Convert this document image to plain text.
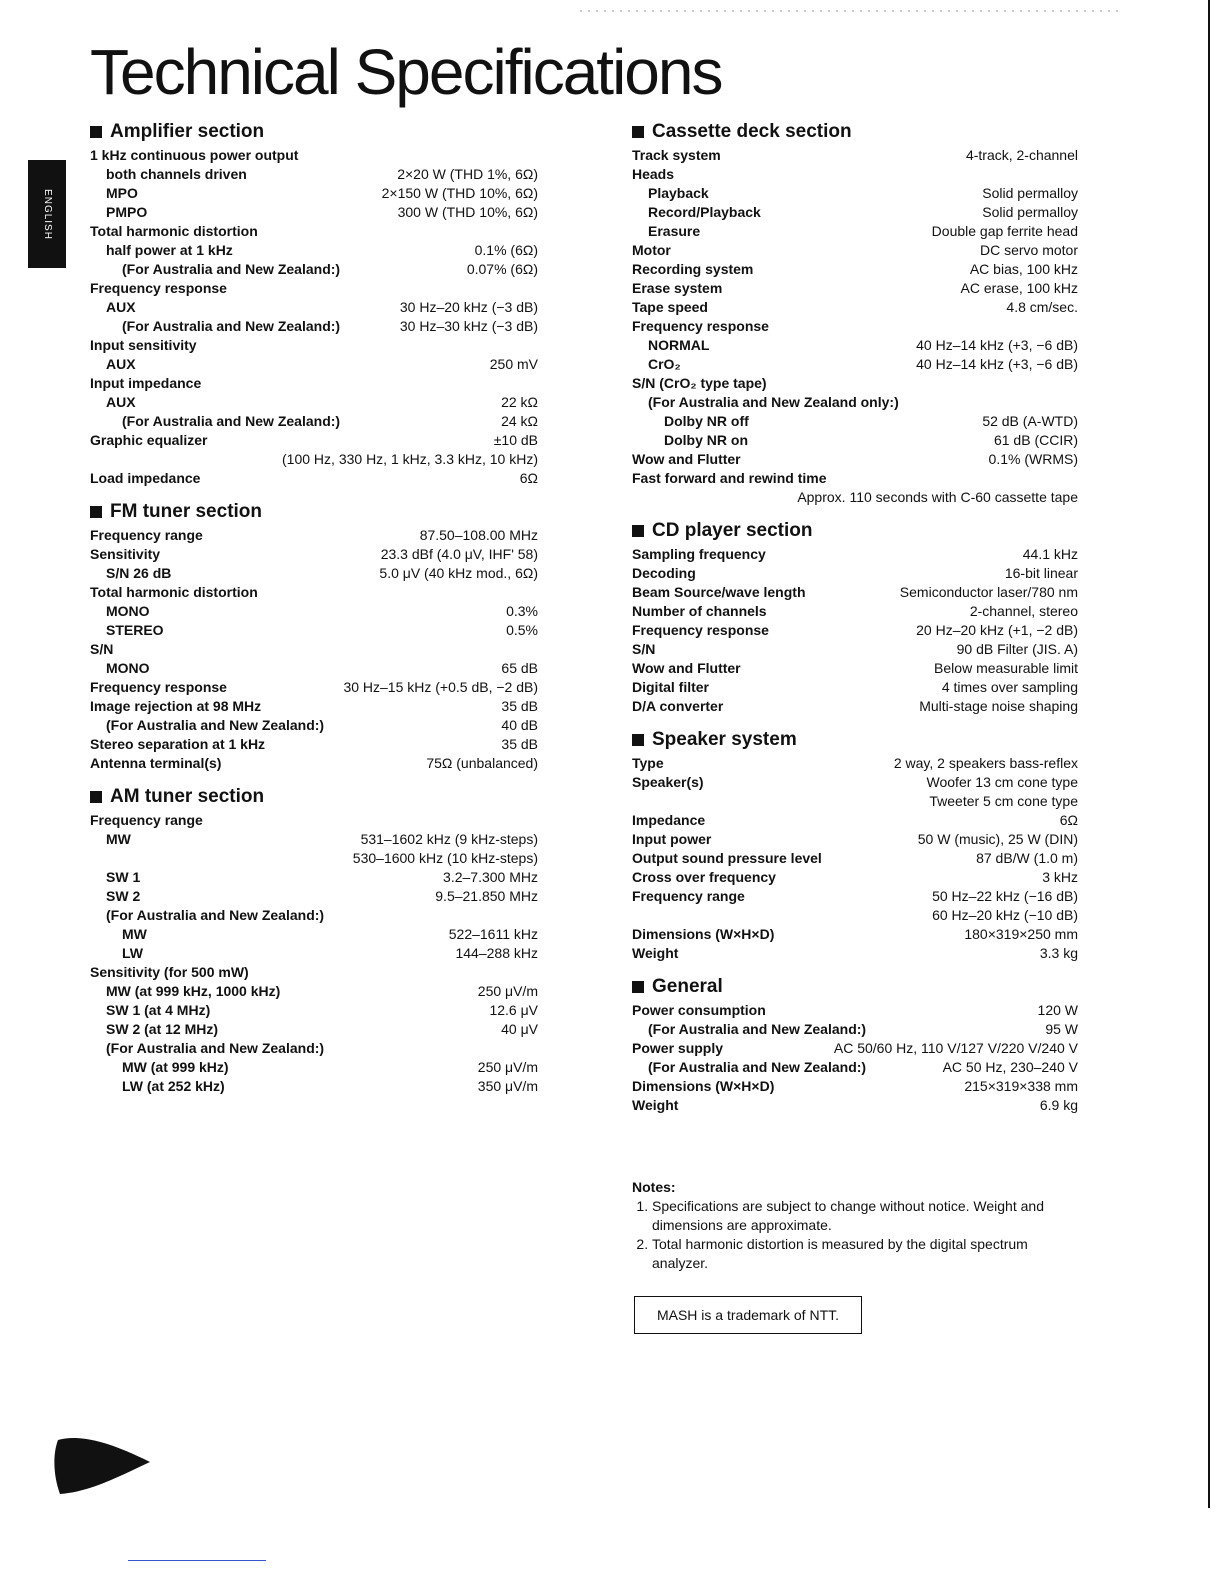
Technical Specifications
ENGLISH
Amplifier section
1 kHz continuous power output
both channels driven	2×20 W (THD 1%, 6Ω)
MPO	2×150 W (THD 10%, 6Ω)
PMPO	300 W (THD 10%, 6Ω)
Total harmonic distortion
half power at 1 kHz	0.1% (6Ω)
(For Australia and New Zealand:)	0.07% (6Ω)
Frequency response
AUX	30 Hz–20 kHz (−3 dB)
(For Australia and New Zealand:)	30 Hz–30 kHz (−3 dB)
Input sensitivity
AUX	250 mV
Input impedance
AUX	22 kΩ
(For Australia and New Zealand:)	24 kΩ
Graphic equalizer	±10 dB
(100 Hz, 330 Hz, 1 kHz, 3.3 kHz, 10 kHz)
Load impedance	6Ω
FM tuner section
Frequency range	87.50–108.00 MHz
Sensitivity	23.3 dBf (4.0 μV, IHF' 58)
S/N 26 dB	5.0 μV (40 kHz mod., 6Ω)
Total harmonic distortion
MONO	0.3%
STEREO	0.5%
S/N
MONO	65 dB
Frequency response	30 Hz–15 kHz (+0.5 dB, −2 dB)
Image rejection at 98 MHz	35 dB
(For Australia and New Zealand:)	40 dB
Stereo separation at 1 kHz	35 dB
Antenna terminal(s)	75Ω (unbalanced)
AM tuner section
Frequency range
MW	531–1602 kHz (9 kHz-steps)
530–1600 kHz (10 kHz-steps)
SW 1	3.2–7.300 MHz
SW 2	9.5–21.850 MHz
(For Australia and New Zealand:)
MW	522–1611 kHz
LW	144–288 kHz
Sensitivity (for 500 mW)
MW (at 999 kHz, 1000 kHz)	250 μV/m
SW 1 (at 4 MHz)	12.6 μV
SW 2 (at 12 MHz)	40 μV
(For Australia and New Zealand:)
MW (at 999 kHz)	250 μV/m
LW (at 252 kHz)	350 μV/m
Cassette deck section
Track system	4-track, 2-channel
Heads
Playback	Solid permalloy
Record/Playback	Solid permalloy
Erasure	Double gap ferrite head
Motor	DC servo motor
Recording system	AC bias, 100 kHz
Erase system	AC erase, 100 kHz
Tape speed	4.8 cm/sec.
Frequency response
NORMAL	40 Hz–14 kHz (+3, −6 dB)
CrO₂	40 Hz–14 kHz (+3, −6 dB)
S/N (CrO₂ type tape)
(For Australia and New Zealand only:)
Dolby NR off	52 dB (A-WTD)
Dolby NR on	61 dB (CCIR)
Wow and Flutter	0.1% (WRMS)
Fast forward and rewind time
Approx. 110 seconds with C-60 cassette tape
CD player section
Sampling frequency	44.1 kHz
Decoding	16-bit linear
Beam Source/wave length	Semiconductor laser/780 nm
Number of channels	2-channel, stereo
Frequency response	20 Hz–20 kHz (+1, −2 dB)
S/N	90 dB Filter (JIS. A)
Wow and Flutter	Below measurable limit
Digital filter	4 times over sampling
D/A converter	Multi-stage noise shaping
Speaker system
Type	2 way, 2 speakers bass-reflex
Speaker(s)	Woofer 13 cm cone type
Tweeter 5 cm cone type
Impedance	6Ω
Input power	50 W (music), 25 W (DIN)
Output sound pressure level	87 dB/W (1.0 m)
Cross over frequency	3 kHz
Frequency range	50 Hz–22 kHz (−16 dB)
60 Hz–20 kHz (−10 dB)
Dimensions (W×H×D)	180×319×250 mm
Weight	3.3 kg
General
Power consumption	120 W
(For Australia and New Zealand:)	95 W
Power supply	AC 50/60 Hz, 110 V/127 V/220 V/240 V
(For Australia and New Zealand:)	AC 50 Hz, 230–240 V
Dimensions (W×H×D)	215×319×338 mm
Weight	6.9 kg
Notes:
1. Specifications are subject to change without notice. Weight and dimensions are approximate.
2. Total harmonic distortion is measured by the digital spectrum analyzer.
MASH is a trademark of NTT.
